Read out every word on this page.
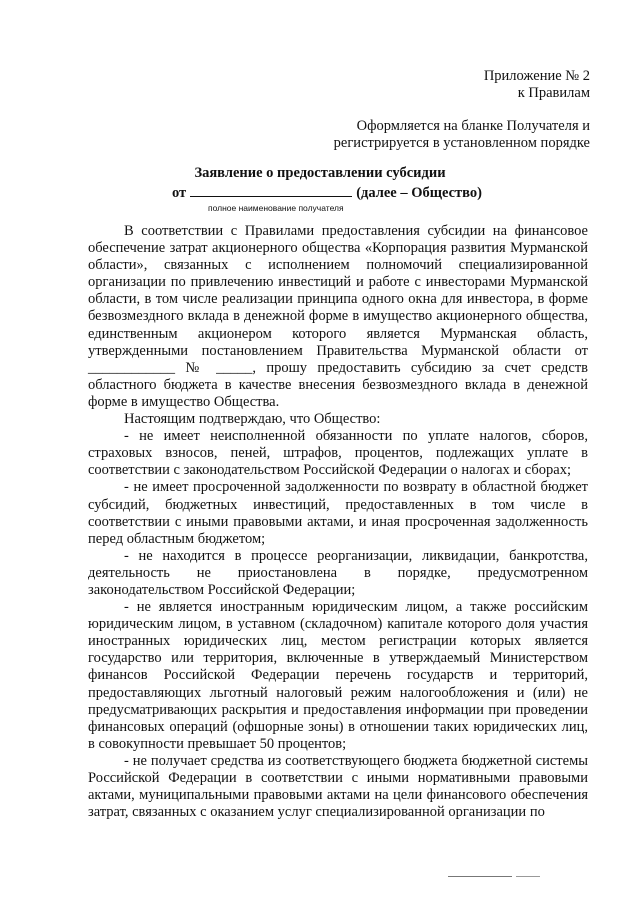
Приложение № 2
к Правилам
Оформляется на бланке Получателя и
регистрируется в установленном порядке
Заявление о предоставлении субсидии
от	(далее – Общество)
полное наименование получателя

В соответствии с Правилами предоставления субсидии на финансовое обеспечение затрат акционерного общества «Корпорация развития Мурманской области», связанных с исполнением полномочий специализированной организации по привлечению инвестиций и работе с инвесторами Мурманской области, в том числе реализации принципа одного окна для инвестора, в форме безвозмездного вклада в денежной форме в имущество акционерного общества, единственным акционером которого является Мурманская область, утвержденными постановлением Правительства Мурманской области от ____________ № _____, прошу предоставить субсидию за счет средств областного бюджета в качестве внесения безвозмездного вклада в денежной форме в имущество Общества.

Настоящим подтверждаю, что Общество:

- не имеет неисполненной обязанности по уплате налогов, сборов, страховых взносов, пеней, штрафов, процентов, подлежащих уплате в соответствии с законодательством Российской Федерации о налогах и сборах;

- не имеет просроченной задолженности по возврату в областной бюджет субсидий, бюджетных инвестиций, предоставленных в том числе в соответствии с иными правовыми актами, и иная просроченная задолженность перед областным бюджетом;

- не находится в процессе реорганизации, ликвидации, банкротства, деятельность не приостановлена в порядке, предусмотренном законодательством Российской Федерации;

- не является иностранным юридическим лицом, а также российским юридическим лицом, в уставном (складочном) капитале которого доля участия иностранных юридических лиц, местом регистрации которых является государство или территория, включенные в утверждаемый Министерством финансов Российской Федерации перечень государств и территорий, предоставляющих льготный налоговый режим налогообложения и (или) не предусматривающих раскрытия и предоставления информации при проведении финансовых операций (офшорные зоны) в отношении таких юридических лиц, в совокупности превышает 50 процентов;

- не получает средства из соответствующего бюджета бюджетной системы Российской Федерации в соответствии с иными нормативными правовыми актами, муниципальными правовыми актами на цели финансового обеспечения затрат, связанных с оказанием услуг специализированной организации по
